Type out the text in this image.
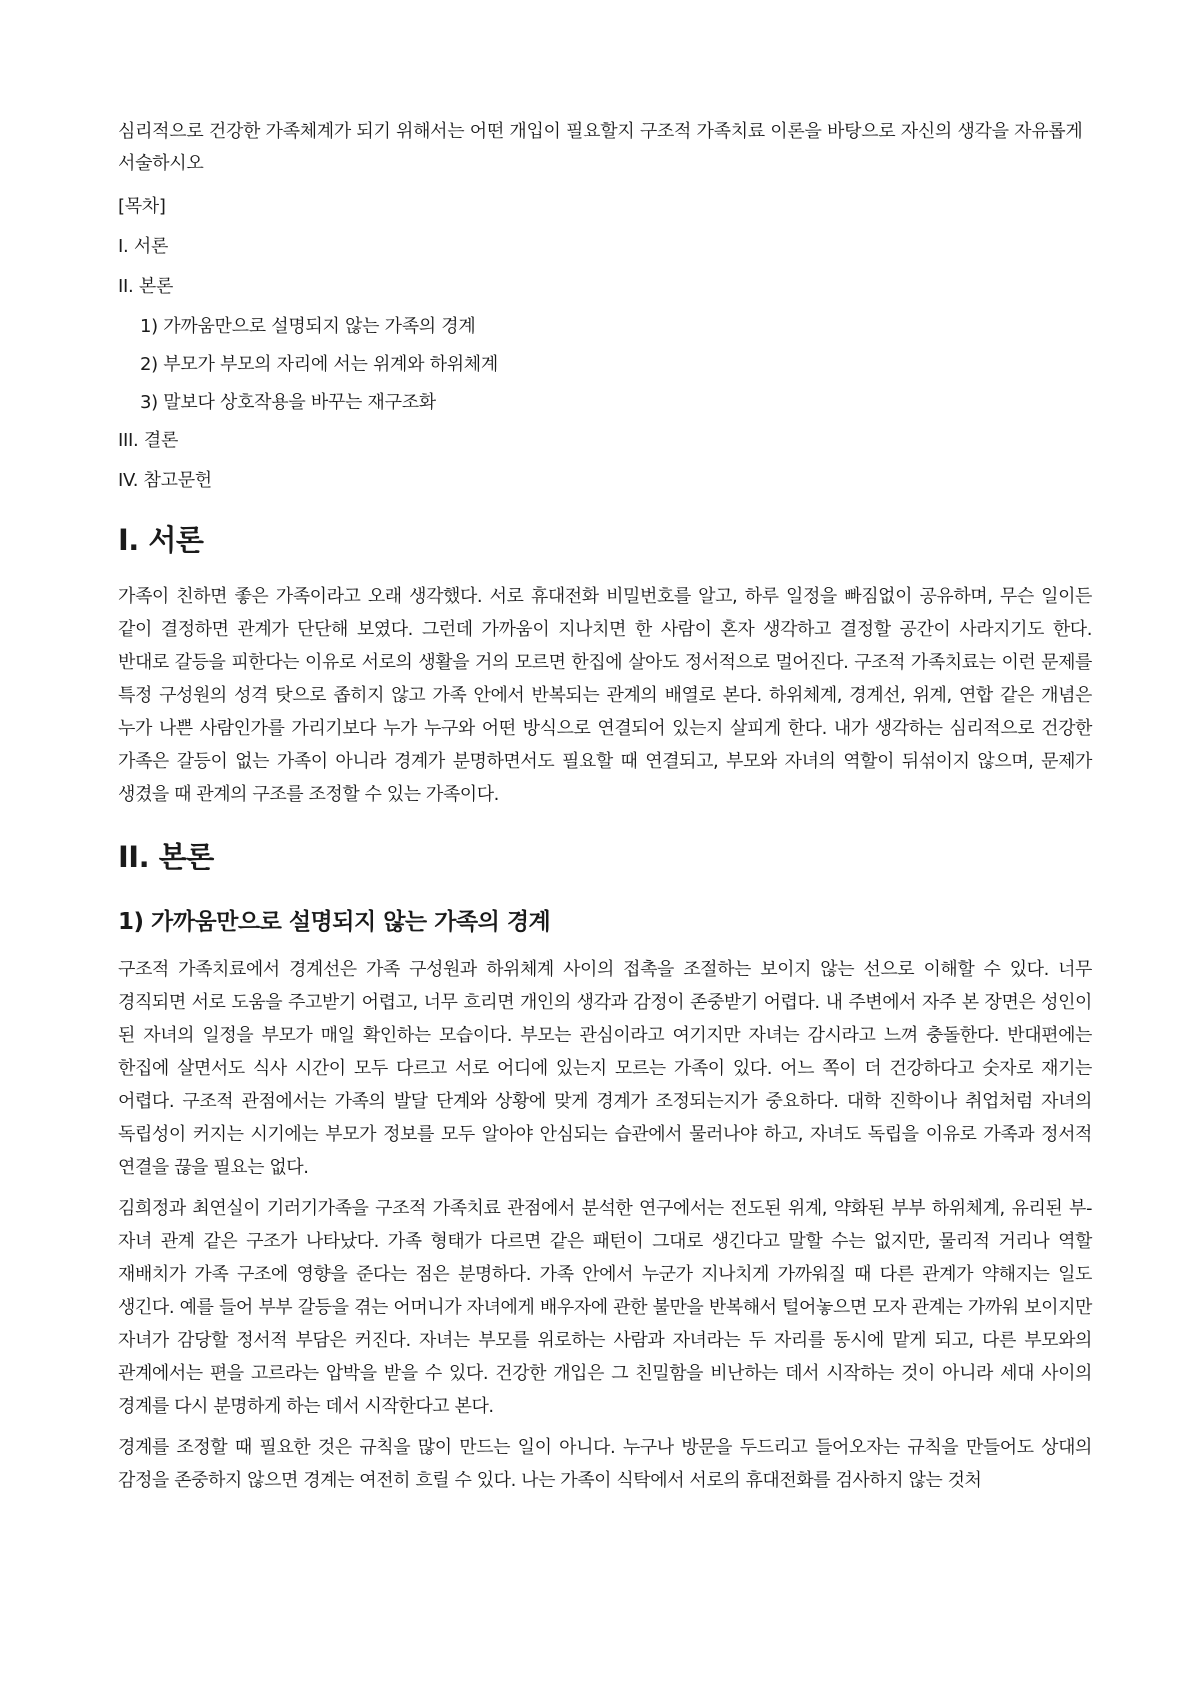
심리적으로 건강한 가족체계가 되기 위해서는 어떤 개입이 필요할지 구조적 가족치료 이론을 바탕으로 자신의 생각을 자유롭게 서술하시오

[목차]
I. 서론
II. 본론
1) 가까움만으로 설명되지 않는 가족의 경계
2) 부모가 부모의 자리에 서는 위계와 하위체계
3) 말보다 상호작용을 바꾸는 재구조화
III. 결론
IV. 참고문헌
I. 서론

가족이 친하면 좋은 가족이라고 오래 생각했다. 서로 휴대전화 비밀번호를 알고, 하루 일정을 빠짐없이 공유하며, 무슨 일이든 같이 결정하면 관계가 단단해 보였다. 그런데 가까움이 지나치면 한 사람이 혼자 생각하고 결정할 공간이 사라지기도 한다. 반대로 갈등을 피한다는 이유로 서로의 생활을 거의 모르면 한집에 살아도 정서적으로 멀어진다. 구조적 가족치료는 이런 문제를 특정 구성원의 성격 탓으로 좁히지 않고 가족 안에서 반복되는 관계의 배열로 본다. 하위체계, 경계선, 위계, 연합 같은 개념은 누가 나쁜 사람인가를 가리기보다 누가 누구와 어떤 방식으로 연결되어 있는지 살피게 한다. 내가 생각하는 심리적으로 건강한 가족은 갈등이 없는 가족이 아니라 경계가 분명하면서도 필요할 때 연결되고, 부모와 자녀의 역할이 뒤섞이지 않으며, 문제가 생겼을 때 관계의 구조를 조정할 수 있는 가족이다.

II. 본론
1) 가까움만으로 설명되지 않는 가족의 경계

구조적 가족치료에서 경계선은 가족 구성원과 하위체계 사이의 접촉을 조절하는 보이지 않는 선으로 이해할 수 있다. 너무 경직되면 서로 도움을 주고받기 어렵고, 너무 흐리면 개인의 생각과 감정이 존중받기 어렵다. 내 주변에서 자주 본 장면은 성인이 된 자녀의 일정을 부모가 매일 확인하는 모습이다. 부모는 관심이라고 여기지만 자녀는 감시라고 느껴 충돌한다. 반대편에는 한집에 살면서도 식사 시간이 모두 다르고 서로 어디에 있는지 모르는 가족이 있다. 어느 쪽이 더 건강하다고 숫자로 재기는 어렵다. 구조적 관점에서는 가족의 발달 단계와 상황에 맞게 경계가 조정되는지가 중요하다. 대학 진학이나 취업처럼 자녀의 독립성이 커지는 시기에는 부모가 정보를 모두 알아야 안심되는 습관에서 물러나야 하고, 자녀도 독립을 이유로 가족과 정서적 연결을 끊을 필요는 없다.

김희정과 최연실이 기러기가족을 구조적 가족치료 관점에서 분석한 연구에서는 전도된 위계, 약화된 부부 하위체계, 유리된 부-자녀 관계 같은 구조가 나타났다. 가족 형태가 다르면 같은 패턴이 그대로 생긴다고 말할 수는 없지만, 물리적 거리나 역할 재배치가 가족 구조에 영향을 준다는 점은 분명하다. 가족 안에서 누군가 지나치게 가까워질 때 다른 관계가 약해지는 일도 생긴다. 예를 들어 부부 갈등을 겪는 어머니가 자녀에게 배우자에 관한 불만을 반복해서 털어놓으면 모자 관계는 가까워 보이지만 자녀가 감당할 정서적 부담은 커진다. 자녀는 부모를 위로하는 사람과 자녀라는 두 자리를 동시에 맡게 되고, 다른 부모와의 관계에서는 편을 고르라는 압박을 받을 수 있다. 건강한 개입은 그 친밀함을 비난하는 데서 시작하는 것이 아니라 세대 사이의 경계를 다시 분명하게 하는 데서 시작한다고 본다.

경계를 조정할 때 필요한 것은 규칙을 많이 만드는 일이 아니다. 누구나 방문을 두드리고 들어오자는 규칙을 만들어도 상대의 감정을 존중하지 않으면 경계는 여전히 흐릴 수 있다. 나는 가족이 식탁에서 서로의 휴대전화를 검사하지 않는 것처
